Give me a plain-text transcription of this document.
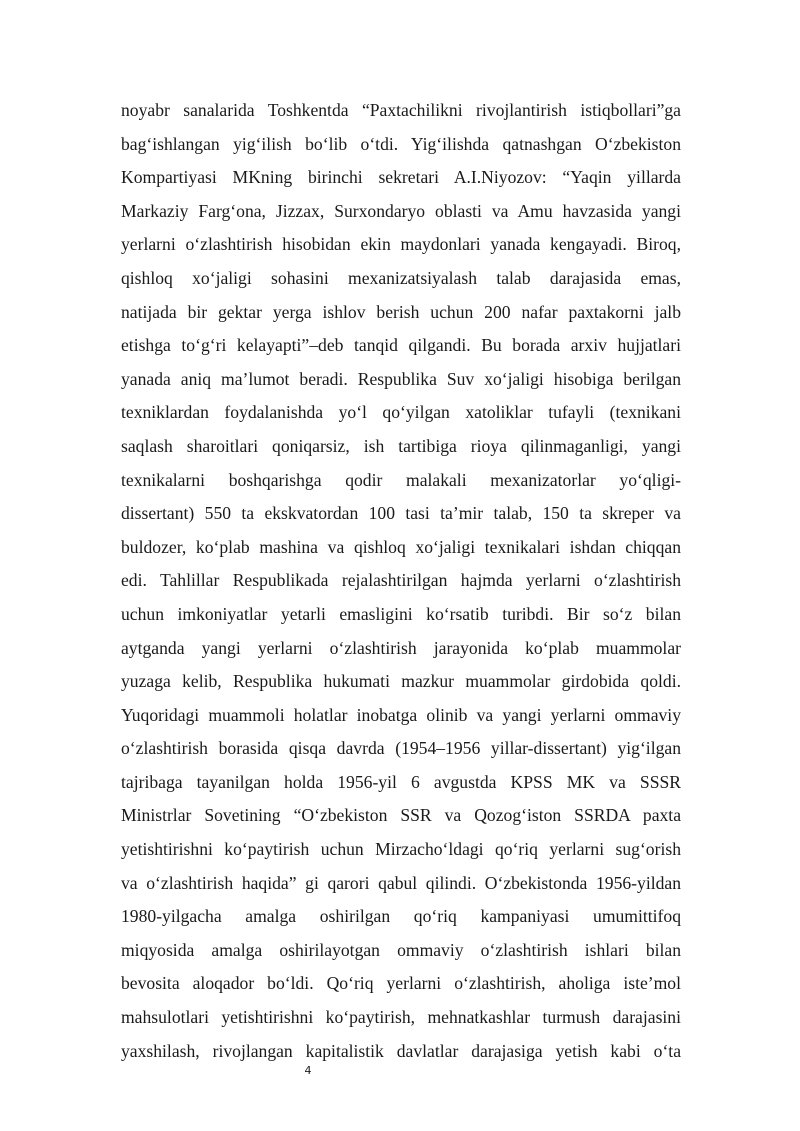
noyabr sanalarida Toshkentda “Paxtachilikni rivojlantirish istiqbollari”ga
bag‘ishlangan yig‘ilish bo‘lib o‘tdi. Yig‘ilishda qatnashgan O‘zbekiston
Kompartiyasi MKning birinchi sekretari A.I.Niyozov: “Yaqin yillarda
Markaziy Farg‘ona, Jizzax, Surxondaryo oblasti va Amu havzasida yangi
yerlarni o‘zlashtirish hisobidan ekin maydonlari yanada kengayadi. Biroq,
qishloq xo‘jaligi sohasini mexanizatsiyalash talab darajasida emas,
natijada bir gektar yerga ishlov berish uchun 200 nafar paxtakorni jalb
etishga to‘g‘ri kelayapti”–deb tanqid qilgandi. Bu borada arxiv hujjatlari
yanada aniq ma’lumot beradi. Respublika Suv xo‘jaligi hisobiga berilgan
texniklardan foydalanishda yo‘l qo‘yilgan xatoliklar tufayli (texnikani
saqlash sharoitlari qoniqarsiz, ish tartibiga rioya qilinmaganligi, yangi
texnikalarni boshqarishga qodir malakali mexanizatorlar yo‘qligi-
dissertant) 550 ta ekskvatordan 100 tasi ta’mir talab, 150 ta skreper va
buldozer, ko‘plab mashina va qishloq xo‘jaligi texnikalari ishdan chiqqan
edi. Tahlillar Respublikada rejalashtirilgan hajmda yerlarni o‘zlashtirish
uchun imkoniyatlar yetarli emasligini ko‘rsatib turibdi. Bir so‘z bilan
aytganda yangi yerlarni o‘zlashtirish jarayonida ko‘plab muammolar
yuzaga kelib, Respublika hukumati mazkur muammolar girdobida qoldi.
Yuqoridagi muammoli holatlar inobatga olinib va yangi yerlarni ommaviy
o‘zlashtirish borasida qisqa davrda (1954–1956 yillar-dissertant) yig‘ilgan
tajribaga tayanilgan holda 1956-yil 6 avgustda KPSS MK va SSSR
Ministrlar Sovetining “O‘zbekiston SSR va Qozog‘iston SSRDA paxta
yetishtirishni ko‘paytirish uchun Mirzacho‘ldagi qo‘riq yerlarni sug‘orish
va o‘zlashtirish haqida” gi qarori qabul qilindi. O‘zbekistonda 1956-yildan
1980-yilgacha amalga oshirilgan qo‘riq kampaniyasi umumittifoq
miqyosida amalga oshirilayotgan ommaviy o‘zlashtirish ishlari bilan
bevosita aloqador bo‘ldi. Qo‘riq yerlarni o‘zlashtirish, aholiga iste’mol
mahsulotlari yetishtirishni ko‘paytirish, mehnatkashlar turmush darajasini
yaxshilash, rivojlangan kapitalistik davlatlar darajasiga yetish kabi o‘ta
4
